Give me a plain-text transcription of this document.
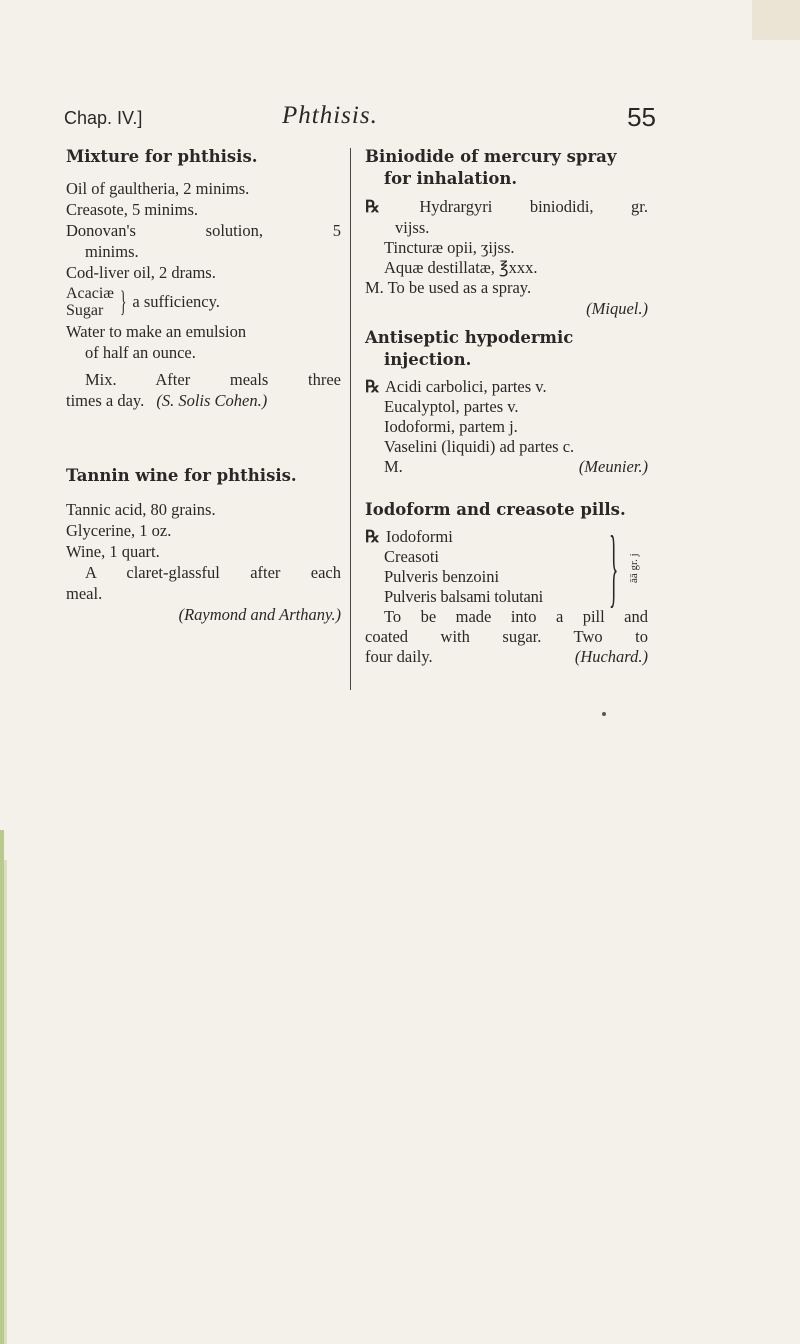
Chap. IV.]	Phthisis.	55
Mixture for phthisis.
Oil of gaultheria, 2 minims.
Creasote, 5 minims.
Donovan's solution, 5
minims.
Cod-liver oil, 2 drams.
Acaciæ
Sugar } a sufficiency.
Water to make an emulsion
of half an ounce.
Mix. After meals three
times a day. (S. Solis Cohen.)
Tannin wine for phthisis.
Tannic acid, 80 grains.
Glycerine, 1 oz.
Wine, 1 quart.
A claret-glassful after each
meal.
(Raymond and Arthany.)
Biniodide of mercury spray
for inhalation.
℞ Hydrargyri biniodidi, gr.
vijss.
Tincturæ opii, ʒijss.
Aquæ destillatæ, ℥xxx.
M. To be used as a spray.
(Miquel.)
Antiseptic hypodermic
injection.
℞ Acidi carbolici, partes v.
Eucalyptol, partes v.
Iodoformi, partem j.
Vaselini (liquidi) ad partes c.
M.	(Meunier.)
Iodoform and creasote pills.
℞ Iodoformi
Creasoti
Pulveris benzoini
Pulveris balsami tolutani } āā gr. j
To be made into a pill and
coated with sugar. Two to
four daily.	(Huchard.)
